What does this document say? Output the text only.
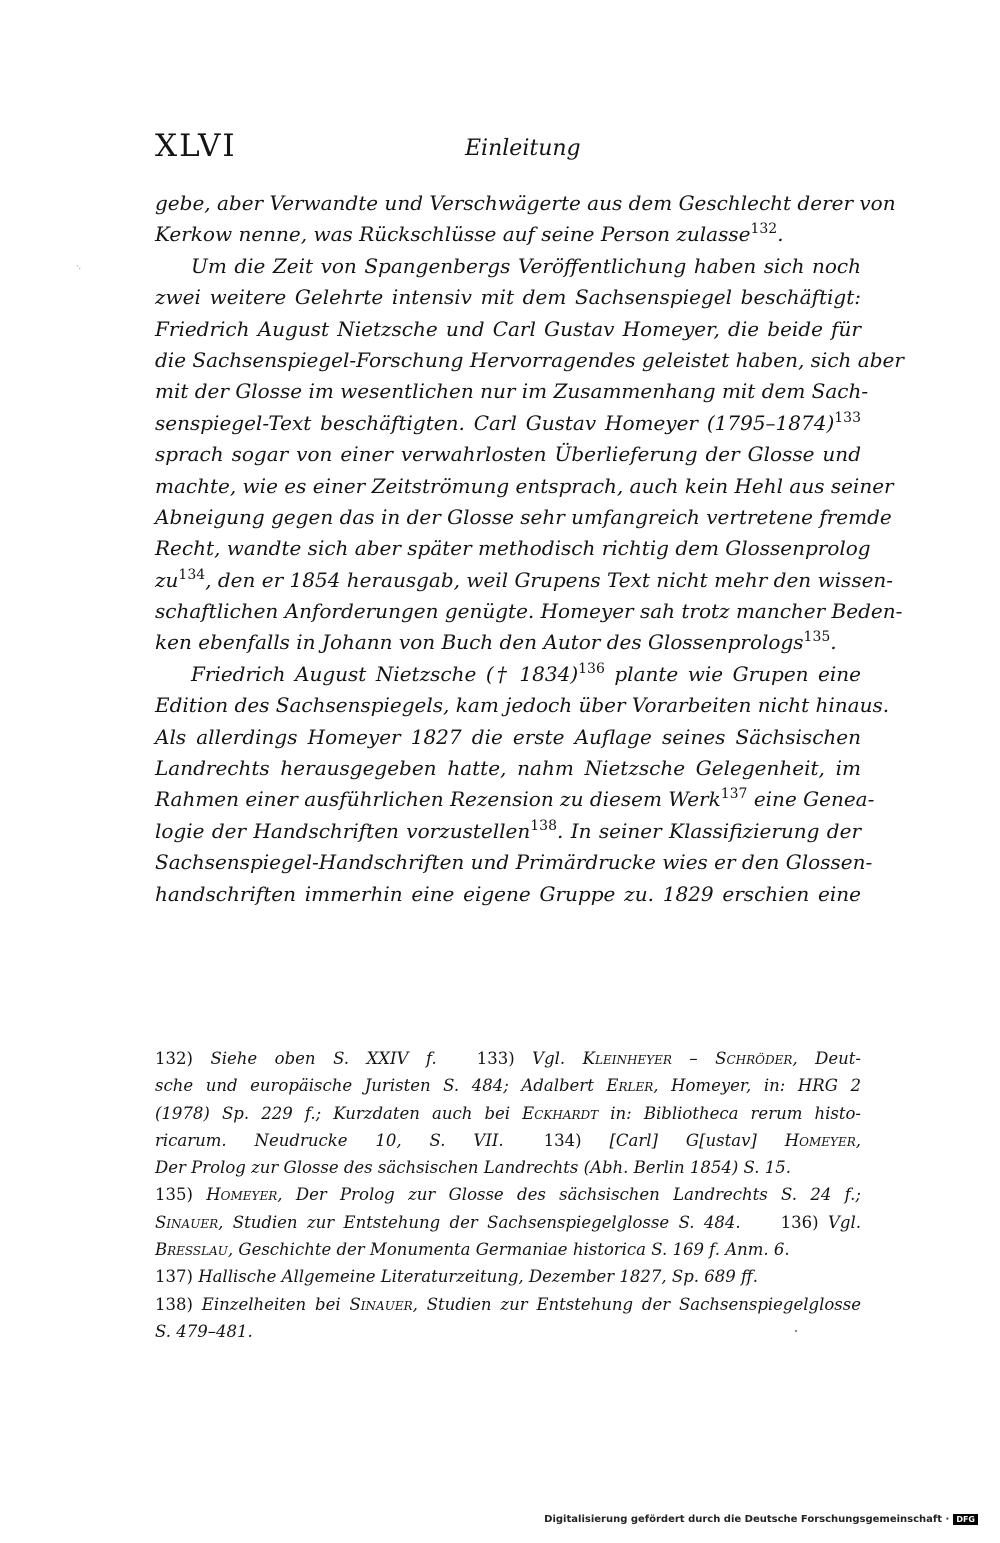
XLVI	Einleitung
·.
gebe, aber Verwandte und Verschwägerte aus dem Geschlecht derer von
Kerkow nenne, was Rückschlüsse auf seine Person zulasse$^{132}$.
Um die Zeit von Spangenbergs Veröffentlichung haben sich noch
zwei weitere Gelehrte intensiv mit dem Sachsenspiegel beschäftigt:
Friedrich August Nietzsche und Carl Gustav Homeyer, die beide für
die Sachsenspiegel-Forschung Hervorragendes geleistet haben, sich aber
mit der Glosse im wesentlichen nur im Zusammenhang mit dem Sach-
senspiegel-Text beschäftigten. Carl Gustav Homeyer (1795–1874)$^{133}$
sprach sogar von einer verwahrlosten Überlieferung der Glosse und
machte, wie es einer Zeitströmung entsprach, auch kein Hehl aus seiner
Abneigung gegen das in der Glosse sehr umfangreich vertretene fremde
Recht, wandte sich aber später methodisch richtig dem Glossenprolog
$zu^{134}$, den er 1854 herausgab, weil Grupens Text nicht mehr den wissen-
schaftlichen Anforderungen genügte. Homeyer sah trotz mancher Beden-
ken ebenfalls in Johann von Buch den Autor des Glossenprologs$^{135}$.
Friedrich August Nietzsche († 1834)$^{136}$ plante wie Grupen eine
Edition des Sachsenspiegels, kam jedoch über Vorarbeiten nicht hinaus.
Als allerdings Homeyer 1827 die erste Auflage seines Sächsischen
Landrechts herausgegeben hatte, nahm Nietzsche Gelegenheit, im
Rahmen einer ausführlichen Rezension zu diesem Werk$^{137}$ eine Genea-
logie der Handschriften vorzustellen$^{138}$. In seiner Klassifizierung der
Sachsenspiegel-Handschriften und Primärdrucke wies er den Glossen-
handschriften immerhin eine eigene Gruppe zu. 1829 erschien eine
132) Siehe oben S. XXIV f. 133) Vgl. Kleinheyer – Schröder, Deut-
sche und europäische Juristen S. 484; Adalbert Erler, Homeyer, in: HRG 2
(1978) Sp. 229 f.; Kurzdaten auch bei Eckhardt in: Bibliotheca rerum histo-
ricarum. Neudrucke 10, S. VII. 134) [Carl] G[ustav] Homeyer,
Der Prolog zur Glosse des sächsischen Landrechts (Abh. Berlin 1854) S. 15.
135) Homeyer, Der Prolog zur Glosse des sächsischen Landrechts S. 24 f.;
Sinauer, Studien zur Entstehung der Sachsenspiegelglosse S. 484. 136) Vgl.
Bresslau, Geschichte der Monumenta Germaniae historica S. 169 f. Anm. 6.
137) Hallische Allgemeine Literaturzeitung, Dezember 1827, Sp. 689 ff.
138) Einzelheiten bei Sinauer, Studien zur Entstehung der Sachsenspiegelglosse
S. 479–481.
Digitalisierung gefördert durch die Deutsche Forschungsgemeinschaft · DFG
